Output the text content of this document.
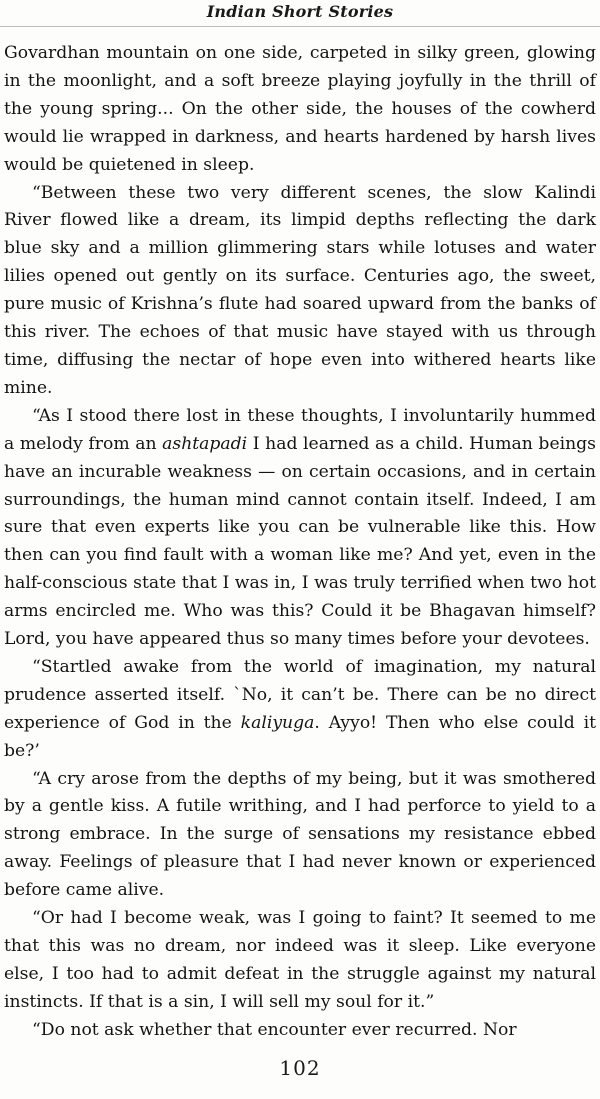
Indian Short Stories

Govardhan mountain on one side, carpeted in silky green, glowing in the moonlight, and a soft breeze playing joyfully in the thrill of the young spring... On the other side, the houses of the cowherd would lie wrapped in darkness, and hearts hardened by harsh lives would be quietened in sleep.

“Between these two very different scenes, the slow Kalindi River flowed like a dream, its limpid depths reflecting the dark blue sky and a million glimmering stars while lotuses and water lilies opened out gently on its surface. Centuries ago, the sweet, pure music of Krishna’s flute had soared upward from the banks of this river. The echoes of that music have stayed with us through time, diffusing the nectar of hope even into withered hearts like mine.

“As I stood there lost in these thoughts, I involuntarily hummed a melody from an ashtapadi I had learned as a child. Human beings have an incurable weakness — on certain occasions, and in certain surroundings, the human mind cannot contain itself. Indeed, I am sure that even experts like you can be vulnerable like this. How then can you find fault with a woman like me? And yet, even in the half-conscious state that I was in, I was truly terrified when two hot arms encircled me. Who was this? Could it be Bhagavan himself? Lord, you have appeared thus so many times before your devotees.

“Startled awake from the world of imagination, my natural prudence asserted itself. `No, it can’t be. There can be no direct experience of God in the kaliyuga. Ayyo! Then who else could it be?’

“A cry arose from the depths of my being, but it was smothered by a gentle kiss. A futile writhing, and I had perforce to yield to a strong embrace. In the surge of sensations my resistance ebbed away. Feelings of pleasure that I had never known or experienced before came alive.

“Or had I become weak, was I going to faint? It seemed to me that this was no dream, nor indeed was it sleep. Like everyone else, I too had to admit defeat in the struggle against my natural instincts. If that is a sin, I will sell my soul for it.”

“Do not ask whether that encounter ever recurred. Nor

102
